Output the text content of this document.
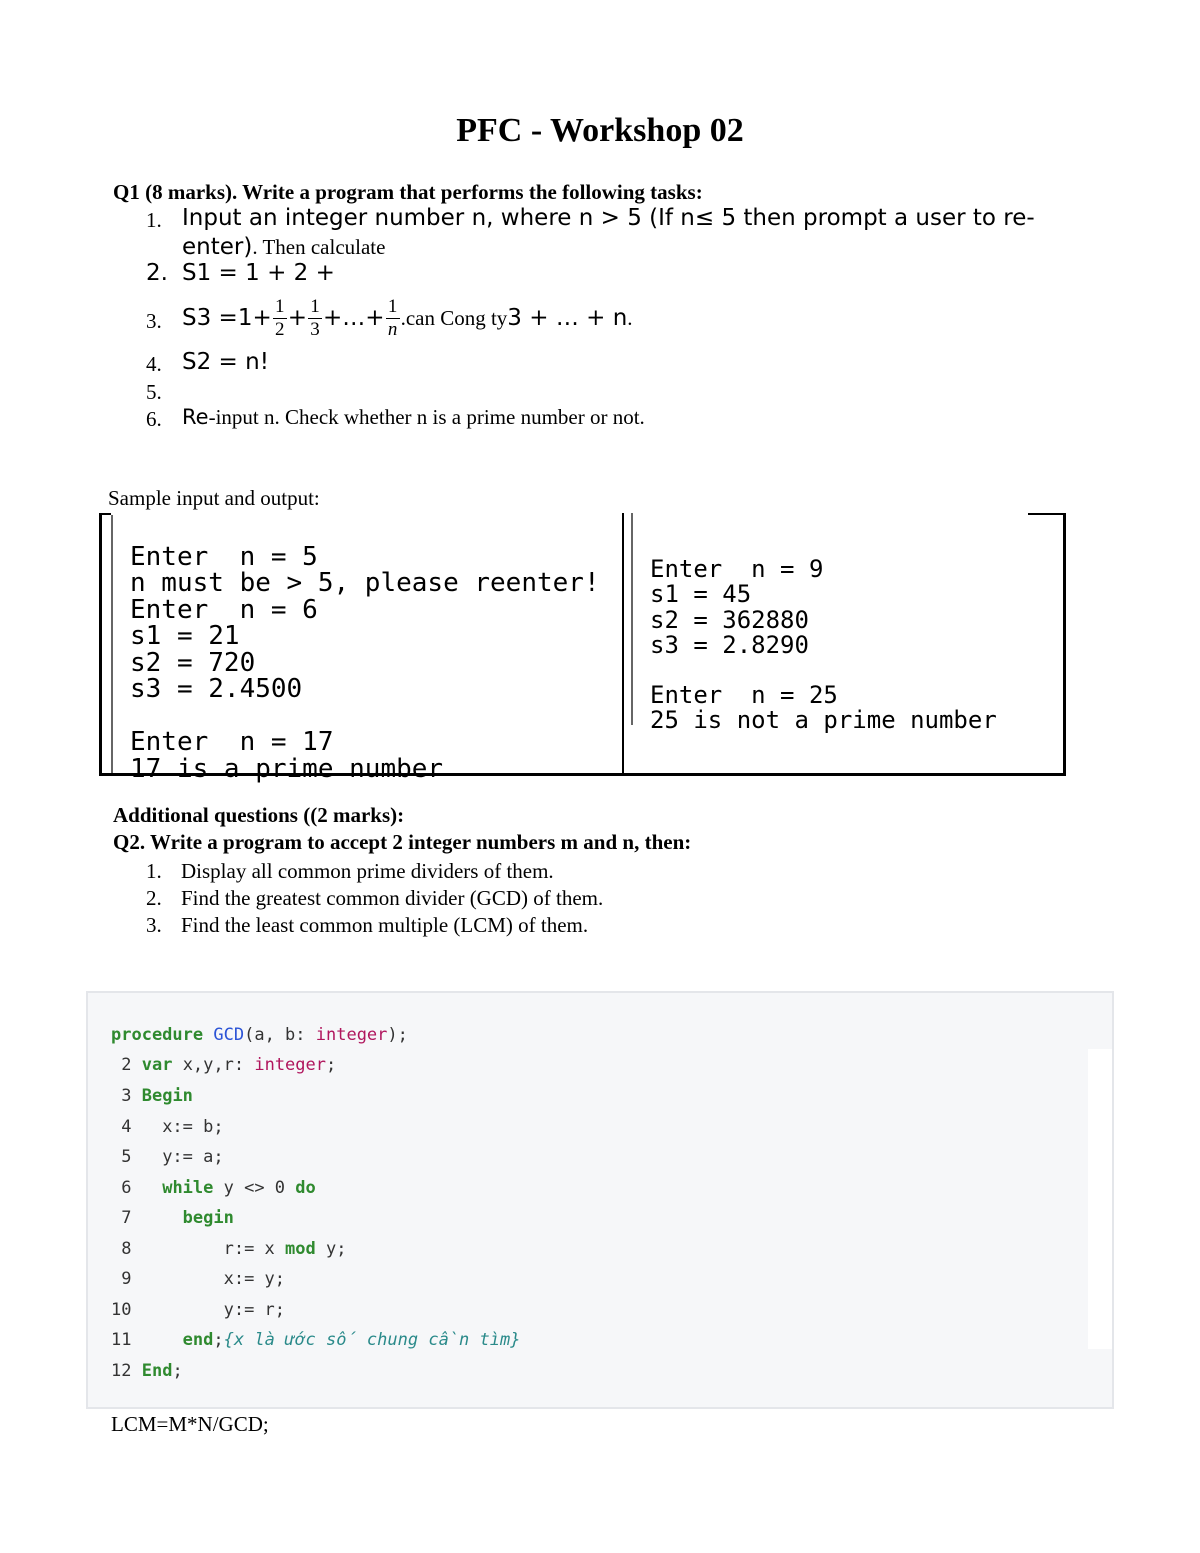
PFC - Workshop 02
Q1 (8 marks). Write a program that performs the following tasks:
1. Input an integer number n, where n > 5 (If n≤ 5 then prompt a user to re-
enter). Then calculate
2. S1 = 1 + 2 +
3. $S3 =1+ \frac{1}{2} + \frac{1}{3}$ +…+ $\frac{1}{n} .can$ Cong ty 3 + … + n .
4. S2 = n!
5.
6. Re-input n. Check whether n is a prime number or not.
Sample input and output:

Enter  n = 5
n must be > 5, please reenter!
Enter  n = 6
s1 = 21
s2 = 720
s3 = 2.4500

Enter  n = 17
17 is a prime number

Enter  n = 9
s1 = 45
s2 = 362880
s3 = 2.8290

Enter  n = 25
25 is not a prime number

Additional questions ((2 marks):
Q2. Write a program to accept 2 integer numbers m and n, then:
1. Display all common prime dividers of them.
2. Find the greatest common divider (GCD) of them.
3. Find the least common multiple (LCM) of them.
procedure GCD(a, b: integer);
2 var x,y,r: integer;
3 Begin
4   x:= b;
5   y:= a;
6 while y <> 0 do
7	begin
8	r:= x mod y;
9	x:= y;
10	y:= r;
11	end;{x là ước số chung cần tìm}
12 End;
LCM=M*N/GCD;
